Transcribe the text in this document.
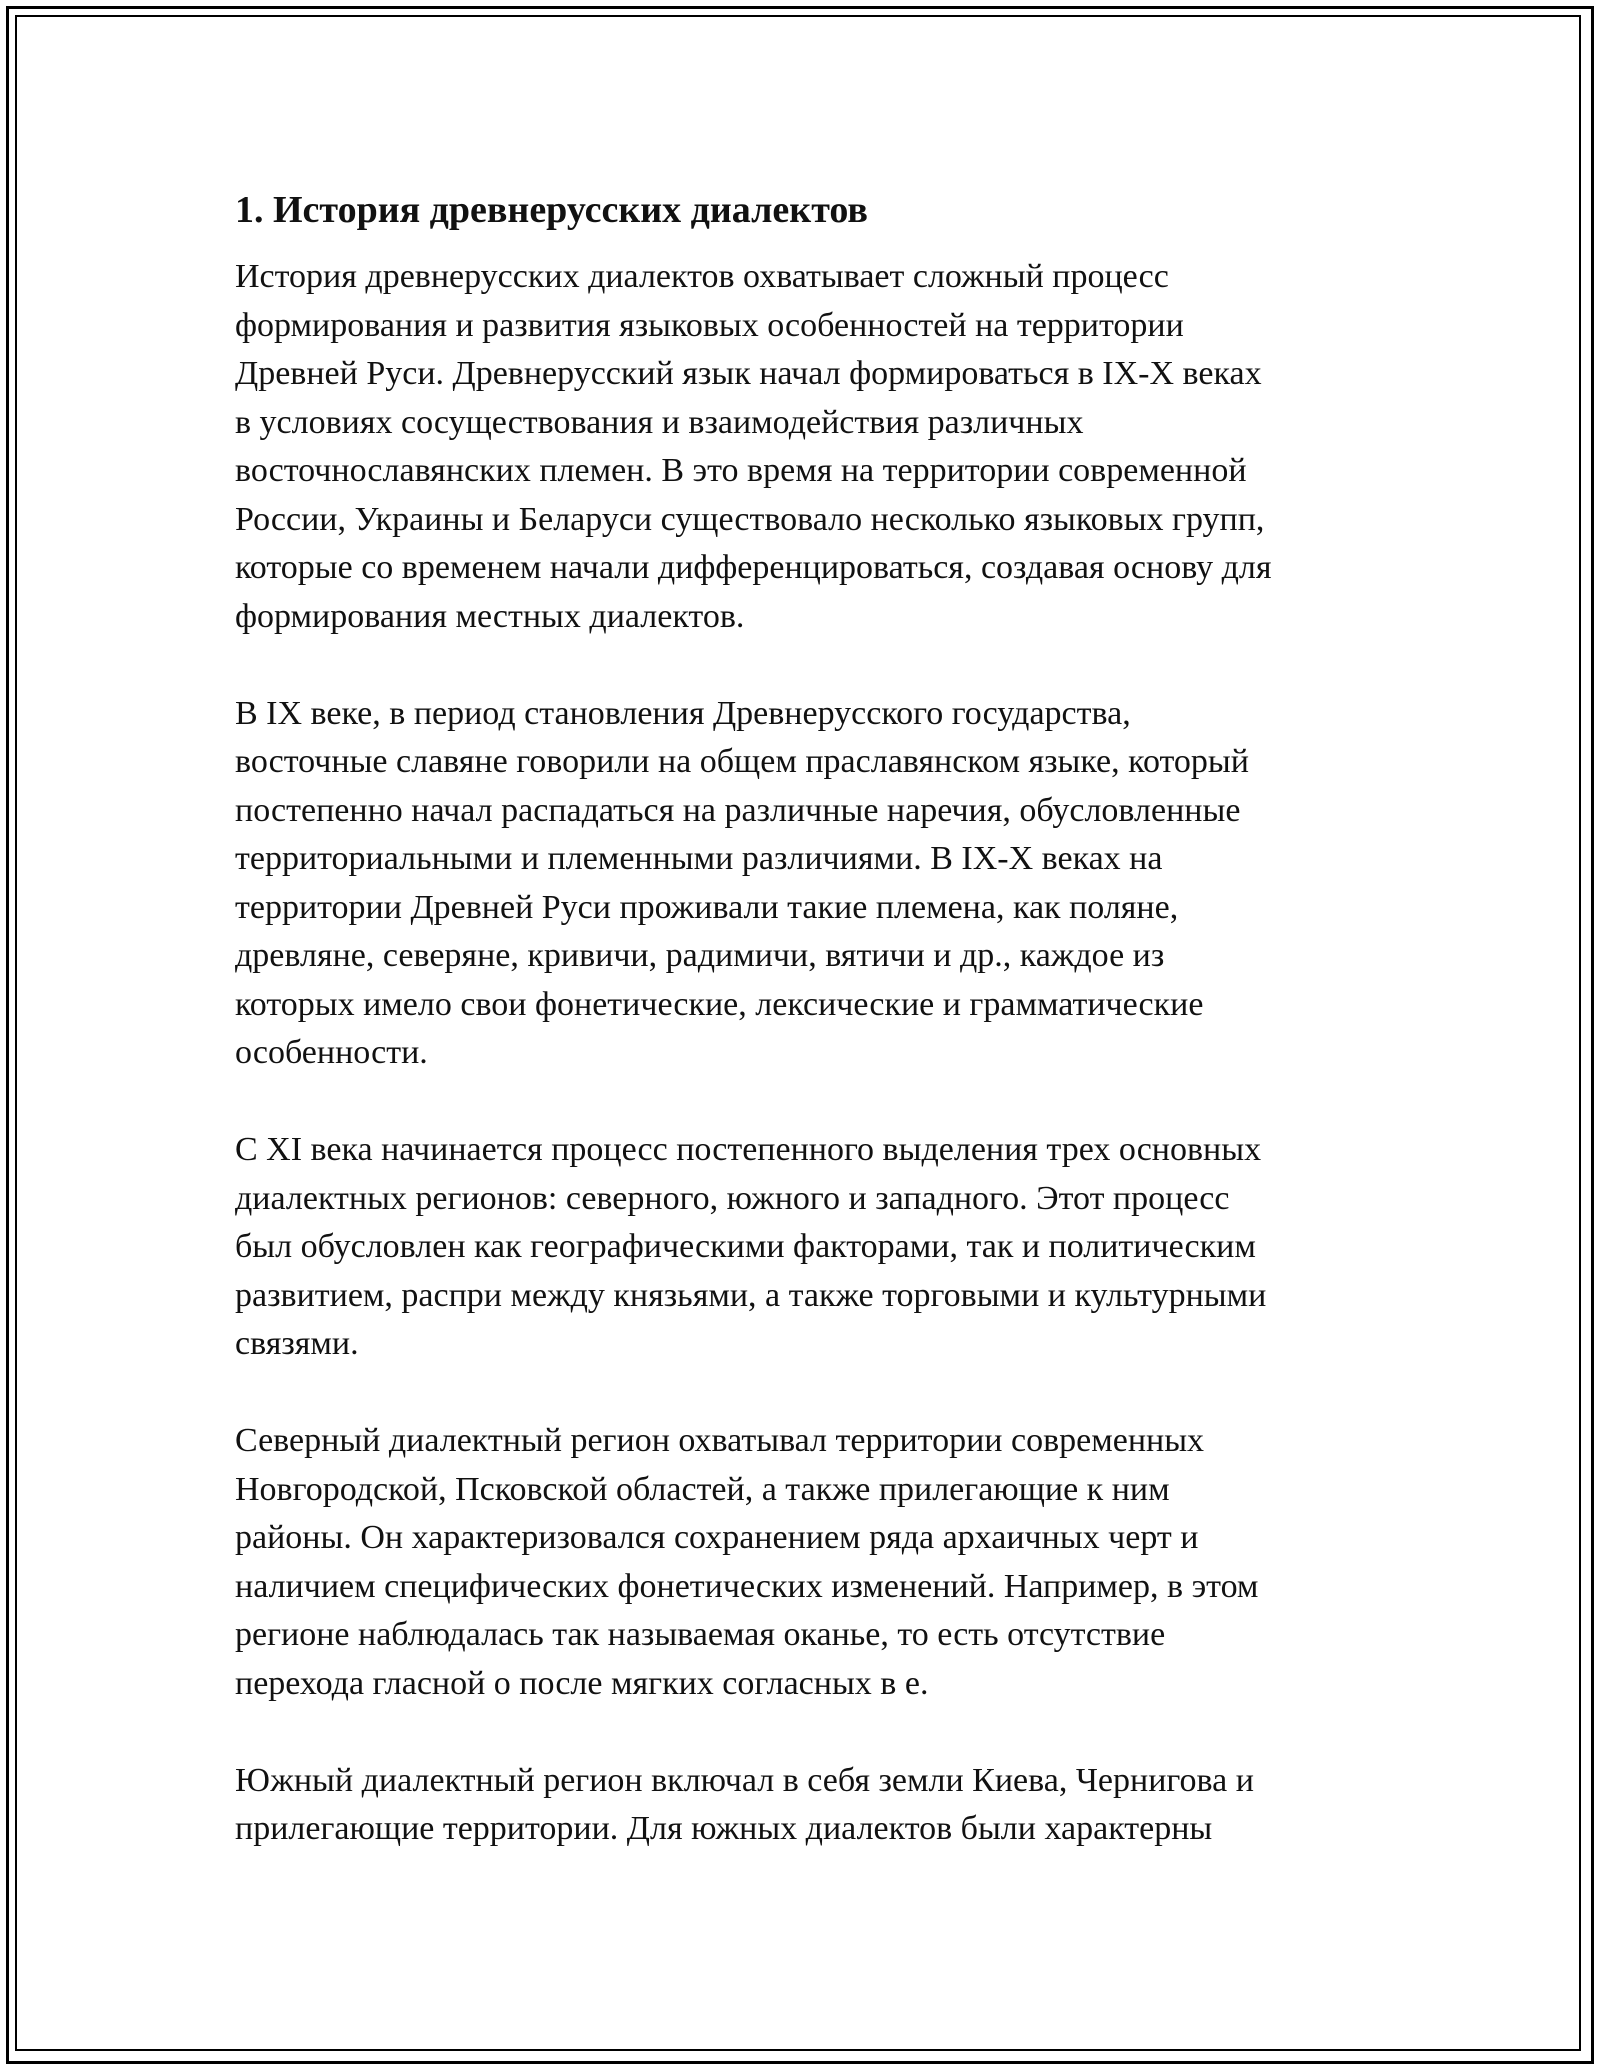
1. История древнерусских диалектов

История древнерусских диалектов охватывает сложный процесс
формирования и развития языковых особенностей на территории
Древней Руси. Древнерусский язык начал формироваться в IX-X веках
в условиях сосуществования и взаимодействия различных
восточнославянских племен. В это время на территории современной
России, Украины и Беларуси существовало несколько языковых групп,
которые со временем начали дифференцироваться, создавая основу для
формирования местных диалектов.

В IX веке, в период становления Древнерусского государства,
восточные славяне говорили на общем праславянском языке, который
постепенно начал распадаться на различные наречия, обусловленные
территориальными и племенными различиями. В IX-X веках на
территории Древней Руси проживали такие племена, как поляне,
древляне, северяне, кривичи, радимичи, вятичи и др., каждое из
которых имело свои фонетические, лексические и грамматические
особенности.

С XI века начинается процесс постепенного выделения трех основных
диалектных регионов: северного, южного и западного. Этот процесс
был обусловлен как географическими факторами, так и политическим
развитием, распри между князьями, а также торговыми и культурными
связями.

Северный диалектный регион охватывал территории современных
Новгородской, Псковской областей, а также прилегающие к ним
районы. Он характеризовался сохранением ряда архаичных черт и
наличием специфических фонетических изменений. Например, в этом
регионе наблюдалась так называемая оканье, то есть отсутствие
перехода гласной о после мягких согласных в е.

Южный диалектный регион включал в себя земли Киева, Чернигова и
прилегающие территории. Для южных диалектов были характерны
